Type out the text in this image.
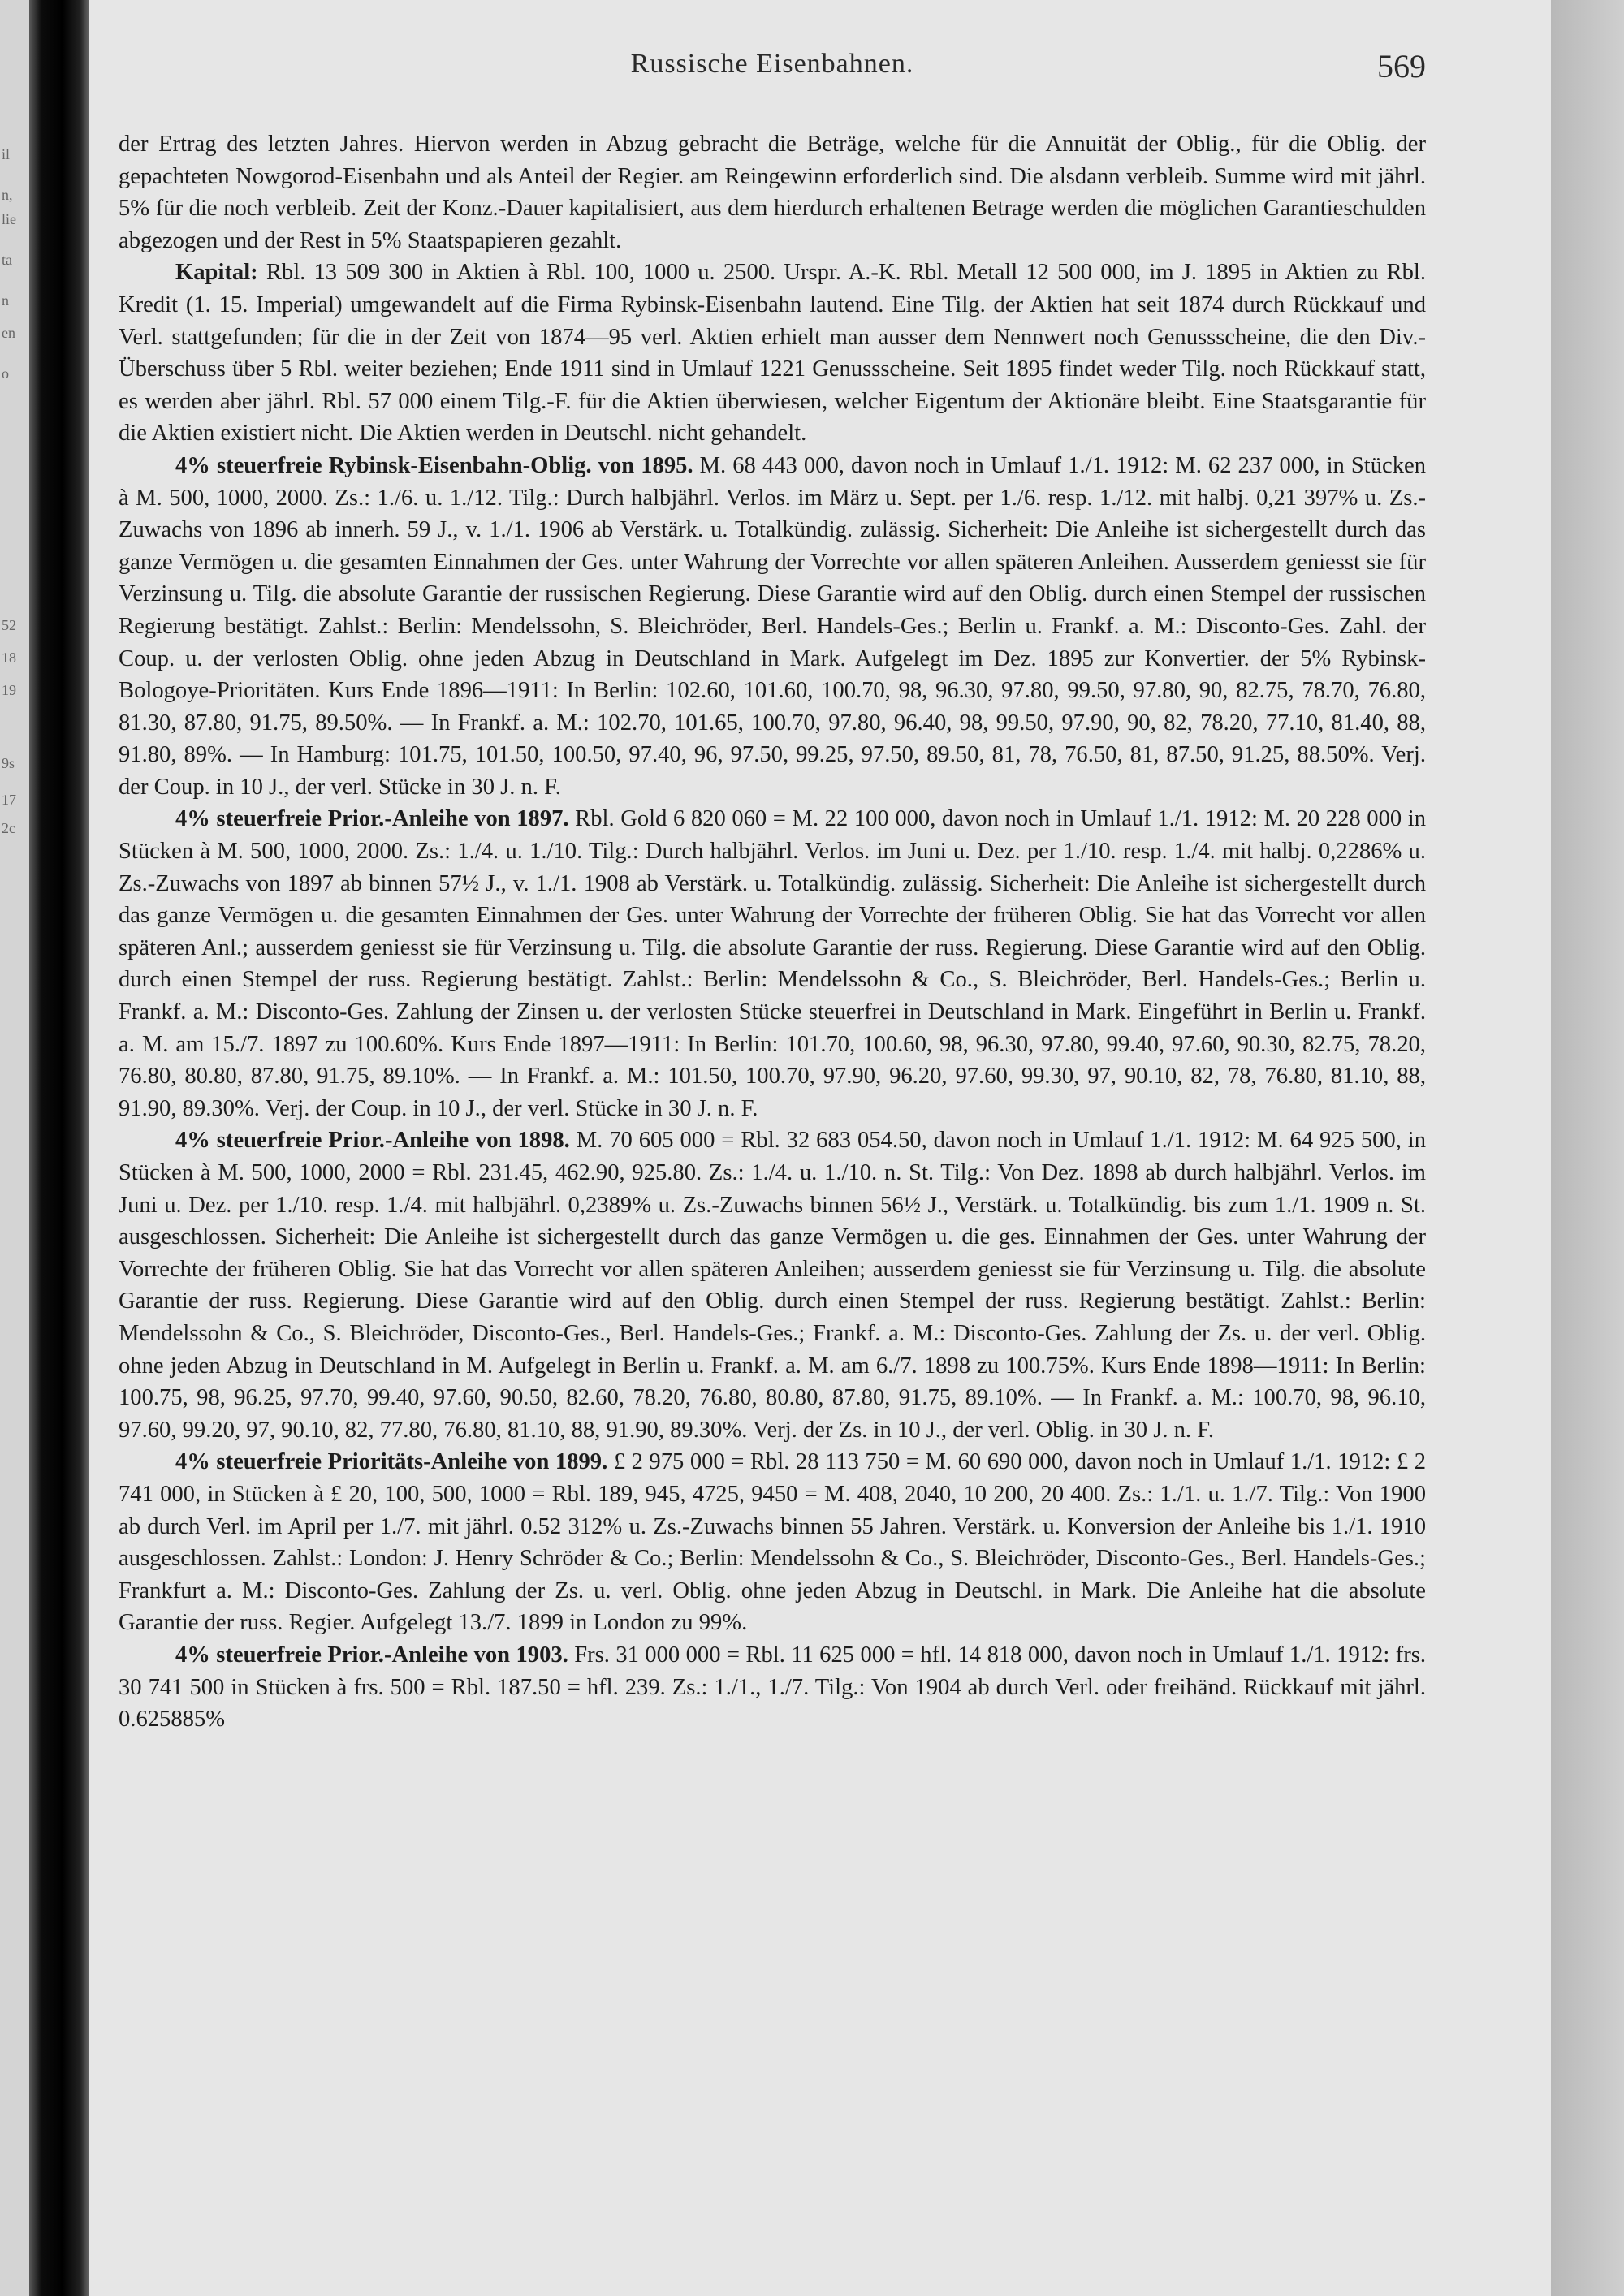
il
n,
lie
ta
n
en
o
52
18
19
9s
17
2c
Russische Eisenbahnen.	569

der Ertrag des letzten Jahres. Hiervon werden in Abzug gebracht die Beträge, welche für die Annuität der Oblig., für die Oblig. der gepachteten Nowgorod-Eisenbahn und als Anteil der Regier. am Reingewinn erforderlich sind. Die alsdann verbleib. Summe wird mit jährl. 5% für die noch verbleib. Zeit der Konz.-Dauer kapitalisiert, aus dem hierdurch erhaltenen Betrage werden die möglichen Garantieschulden abgezogen und der Rest in 5% Staatspapieren gezahlt.

Kapital: Rbl. 13 509 300 in Aktien à Rbl. 100, 1000 u. 2500. Urspr. A.-K. Rbl. Metall 12 500 000, im J. 1895 in Aktien zu Rbl. Kredit (1. 15. Imperial) umgewandelt auf die Firma Rybinsk-Eisenbahn lautend. Eine Tilg. der Aktien hat seit 1874 durch Rückkauf und Verl. stattgefunden; für die in der Zeit von 1874—95 verl. Aktien erhielt man ausser dem Nennwert noch Genussscheine, die den Div.-Überschuss über 5 Rbl. weiter beziehen; Ende 1911 sind in Umlauf 1221 Genussscheine. Seit 1895 findet weder Tilg. noch Rückkauf statt, es werden aber jährl. Rbl. 57 000 einem Tilg.-F. für die Aktien überwiesen, welcher Eigentum der Aktionäre bleibt. Eine Staatsgarantie für die Aktien existiert nicht. Die Aktien werden in Deutschl. nicht gehandelt.

4% steuerfreie Rybinsk-Eisenbahn-Oblig. von 1895. M. 68 443 000, davon noch in Umlauf 1./1. 1912: M. 62 237 000, in Stücken à M. 500, 1000, 2000. Zs.: 1./6. u. 1./12. Tilg.: Durch halbjährl. Verlos. im März u. Sept. per 1./6. resp. 1./12. mit halbj. 0,21 397% u. Zs.-Zuwachs von 1896 ab innerh. 59 J., v. 1./1. 1906 ab Verstärk. u. Totalkündig. zulässig. Sicherheit: Die Anleihe ist sichergestellt durch das ganze Vermögen u. die gesamten Einnahmen der Ges. unter Wahrung der Vorrechte vor allen späteren Anleihen. Ausserdem geniesst sie für Verzinsung u. Tilg. die absolute Garantie der russischen Regierung. Diese Garantie wird auf den Oblig. durch einen Stempel der russischen Regierung bestätigt. Zahlst.: Berlin: Mendelssohn, S. Bleichröder, Berl. Handels-Ges.; Berlin u. Frankf. a. M.: Disconto-Ges. Zahl. der Coup. u. der verlosten Oblig. ohne jeden Abzug in Deutschland in Mark. Aufgelegt im Dez. 1895 zur Konvertier. der 5% Rybinsk-Bologoye-Prioritäten. Kurs Ende 1896—1911: In Berlin: 102.60, 101.60, 100.70, 98, 96.30, 97.80, 99.50, 97.80, 90, 82.75, 78.70, 76.80, 81.30, 87.80, 91.75, 89.50%. — In Frankf. a. M.: 102.70, 101.65, 100.70, 97.80, 96.40, 98, 99.50, 97.90, 90, 82, 78.20, 77.10, 81.40, 88, 91.80, 89%. — In Hamburg: 101.75, 101.50, 100.50, 97.40, 96, 97.50, 99.25, 97.50, 89.50, 81, 78, 76.50, 81, 87.50, 91.25, 88.50%. Verj. der Coup. in 10 J., der verl. Stücke in 30 J. n. F.

4% steuerfreie Prior.-Anleihe von 1897. Rbl. Gold 6 820 060 = M. 22 100 000, davon noch in Umlauf 1./1. 1912: M. 20 228 000 in Stücken à M. 500, 1000, 2000. Zs.: 1./4. u. 1./10. Tilg.: Durch halbjährl. Verlos. im Juni u. Dez. per 1./10. resp. 1./4. mit halbj. 0,2286% u. Zs.-Zuwachs von 1897 ab binnen 57½ J., v. 1./1. 1908 ab Verstärk. u. Totalkündig. zulässig. Sicherheit: Die Anleihe ist sichergestellt durch das ganze Vermögen u. die gesamten Einnahmen der Ges. unter Wahrung der Vorrechte der früheren Oblig. Sie hat das Vorrecht vor allen späteren Anl.; ausserdem geniesst sie für Verzinsung u. Tilg. die absolute Garantie der russ. Regierung. Diese Garantie wird auf den Oblig. durch einen Stempel der russ. Regierung bestätigt. Zahlst.: Berlin: Mendelssohn & Co., S. Bleichröder, Berl. Handels-Ges.; Berlin u. Frankf. a. M.: Disconto-Ges. Zahlung der Zinsen u. der verlosten Stücke steuerfrei in Deutschland in Mark. Eingeführt in Berlin u. Frankf. a. M. am 15./7. 1897 zu 100.60%. Kurs Ende 1897—1911: In Berlin: 101.70, 100.60, 98, 96.30, 97.80, 99.40, 97.60, 90.30, 82.75, 78.20, 76.80, 80.80, 87.80, 91.75, 89.10%. — In Frankf. a. M.: 101.50, 100.70, 97.90, 96.20, 97.60, 99.30, 97, 90.10, 82, 78, 76.80, 81.10, 88, 91.90, 89.30%. Verj. der Coup. in 10 J., der verl. Stücke in 30 J. n. F.

4% steuerfreie Prior.-Anleihe von 1898. M. 70 605 000 = Rbl. 32 683 054.50, davon noch in Umlauf 1./1. 1912: M. 64 925 500, in Stücken à M. 500, 1000, 2000 = Rbl. 231.45, 462.90, 925.80. Zs.: 1./4. u. 1./10. n. St. Tilg.: Von Dez. 1898 ab durch halbjährl. Verlos. im Juni u. Dez. per 1./10. resp. 1./4. mit halbjährl. 0,2389% u. Zs.-Zuwachs binnen 56½ J., Verstärk. u. Totalkündig. bis zum 1./1. 1909 n. St. ausgeschlossen. Sicherheit: Die Anleihe ist sichergestellt durch das ganze Vermögen u. die ges. Einnahmen der Ges. unter Wahrung der Vorrechte der früheren Oblig. Sie hat das Vorrecht vor allen späteren Anleihen; ausserdem geniesst sie für Verzinsung u. Tilg. die absolute Garantie der russ. Regierung. Diese Garantie wird auf den Oblig. durch einen Stempel der russ. Regierung bestätigt. Zahlst.: Berlin: Mendelssohn & Co., S. Bleichröder, Disconto-Ges., Berl. Handels-Ges.; Frankf. a. M.: Disconto-Ges. Zahlung der Zs. u. der verl. Oblig. ohne jeden Abzug in Deutschland in M. Aufgelegt in Berlin u. Frankf. a. M. am 6./7. 1898 zu 100.75%. Kurs Ende 1898—1911: In Berlin: 100.75, 98, 96.25, 97.70, 99.40, 97.60, 90.50, 82.60, 78.20, 76.80, 80.80, 87.80, 91.75, 89.10%. — In Frankf. a. M.: 100.70, 98, 96.10, 97.60, 99.20, 97, 90.10, 82, 77.80, 76.80, 81.10, 88, 91.90, 89.30%. Verj. der Zs. in 10 J., der verl. Oblig. in 30 J. n. F.

4% steuerfreie Prioritäts-Anleihe von 1899. £ 2 975 000 = Rbl. 28 113 750 = M. 60 690 000, davon noch in Umlauf 1./1. 1912: £ 2 741 000, in Stücken à £ 20, 100, 500, 1000 = Rbl. 189, 945, 4725, 9450 = M. 408, 2040, 10 200, 20 400. Zs.: 1./1. u. 1./7. Tilg.: Von 1900 ab durch Verl. im April per 1./7. mit jährl. 0.52 312% u. Zs.-Zuwachs binnen 55 Jahren. Verstärk. u. Konversion der Anleihe bis 1./1. 1910 ausgeschlossen. Zahlst.: London: J. Henry Schröder & Co.; Berlin: Mendelssohn & Co., S. Bleichröder, Disconto-Ges., Berl. Handels-Ges.; Frankfurt a. M.: Disconto-Ges. Zahlung der Zs. u. verl. Oblig. ohne jeden Abzug in Deutschl. in Mark. Die Anleihe hat die absolute Garantie der russ. Regier. Aufgelegt 13./7. 1899 in London zu 99%.

4% steuerfreie Prior.-Anleihe von 1903. Frs. 31 000 000 = Rbl. 11 625 000 = hfl. 14 818 000, davon noch in Umlauf 1./1. 1912: frs. 30 741 500 in Stücken à frs. 500 = Rbl. 187.50 = hfl. 239. Zs.: 1./1., 1./7. Tilg.: Von 1904 ab durch Verl. oder freihänd. Rückkauf mit jährl. 0.625885%
